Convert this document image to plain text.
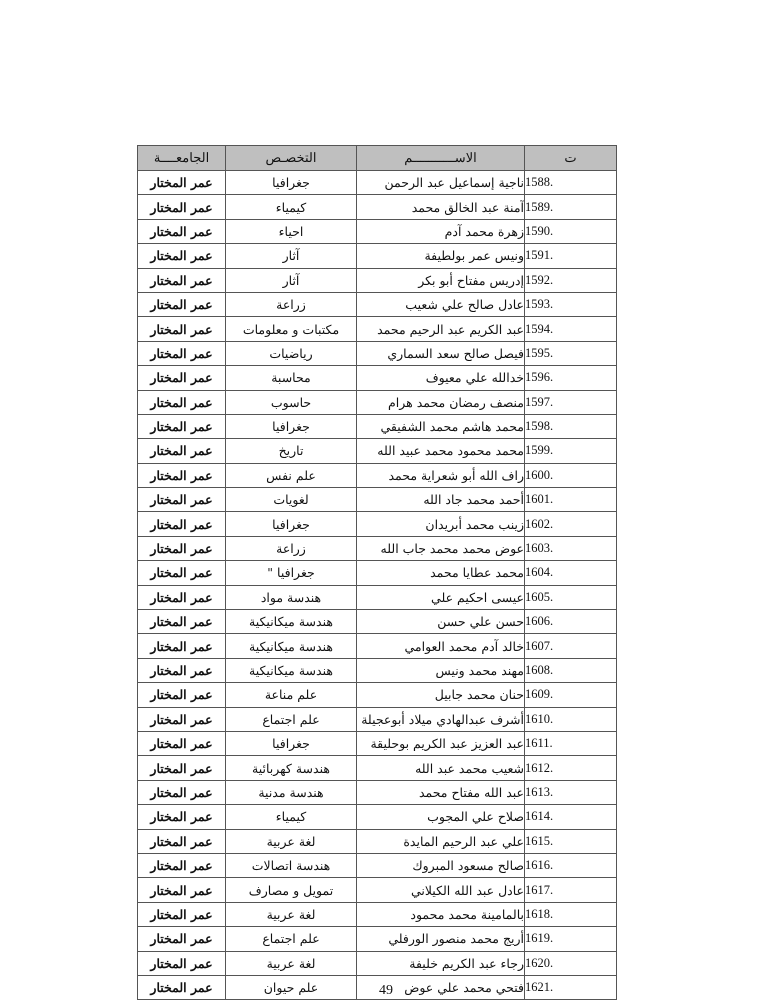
ت	الاســـــــــــم	التخصـص	الجامعــــة
1588.	ناجية إسماعيل عبد الرحمن	جغرافيا	عمر المختار
1589.	آمنة عبد الخالق محمد	كيمياء	عمر المختار
1590.	زهرة محمد آدم	احياء	عمر المختار
1591.	ونيس عمر بولطيفة	آثار	عمر المختار
1592.	إدريس مفتاح أبو بكر	آثار	عمر المختار
1593.	عادل صالح علي شعيب	زراعة	عمر المختار
1594.	عبد الكريم عبد الرحيم محمد	مكتبات و معلومات	عمر المختار
1595.	فيصل صالح سعد السماري	رياضيات	عمر المختار
1596.	خدالله علي معيوف	محاسبة	عمر المختار
1597.	منصف رمضان محمد هرام	حاسوب	عمر المختار
1598.	محمد هاشم محمد الشفيقي	جغرافيا	عمر المختار
1599.	محمد محمود محمد عبيد الله	تاريخ	عمر المختار
1600.	راف الله أبو شعراية محمد	علم نفس	عمر المختار
1601.	أحمد محمد جاد الله	لغويات	عمر المختار
1602.	زينب محمد أبريدان	جغرافيا	عمر المختار
1603.	عوض محمد محمد جاب الله	زراعة	عمر المختار
1604.	محمد عطايا محمد	جغرافيا "	عمر المختار
1605.	عيسى احكيم علي	هندسة مواد	عمر المختار
1606.	حسن علي حسن	هندسة ميكانيكية	عمر المختار
1607.	خالد آدم محمد العوامي	هندسة ميكانيكية	عمر المختار
1608.	مهند محمد ونيس	هندسة ميكانيكية	عمر المختار
1609.	حنان محمد جابيل	علم مناعة	عمر المختار
1610.	أشرف عبدالهادي ميلاد أبوعجيلة	علم اجتماع	عمر المختار
1611.	عبد العزيز عبد الكريم بوحليقة	جغرافيا	عمر المختار
1612.	شعيب محمد عبد الله	هندسة كهربائية	عمر المختار
1613.	عبد الله مفتاح محمد	هندسة مدنية	عمر المختار
1614.	صلاح علي المجوب	كيمياء	عمر المختار
1615.	علي عبد الرحيم المايدة	لغة عربية	عمر المختار
1616.	صالح مسعود المبروك	هندسة اتصالات	عمر المختار
1617.	عادل عبد الله الكيلاني	تمويل و مصارف	عمر المختار
1618.	بالمامينة محمد محمود	لغة عربية	عمر المختار
1619.	أريج محمد منصور الورفلي	علم اجتماع	عمر المختار
1620.	رجاء عبد الكريم خليفة	لغة عربية	عمر المختار
1621.	فتحي محمد علي عوض	علم حيوان	عمر المختار	49
